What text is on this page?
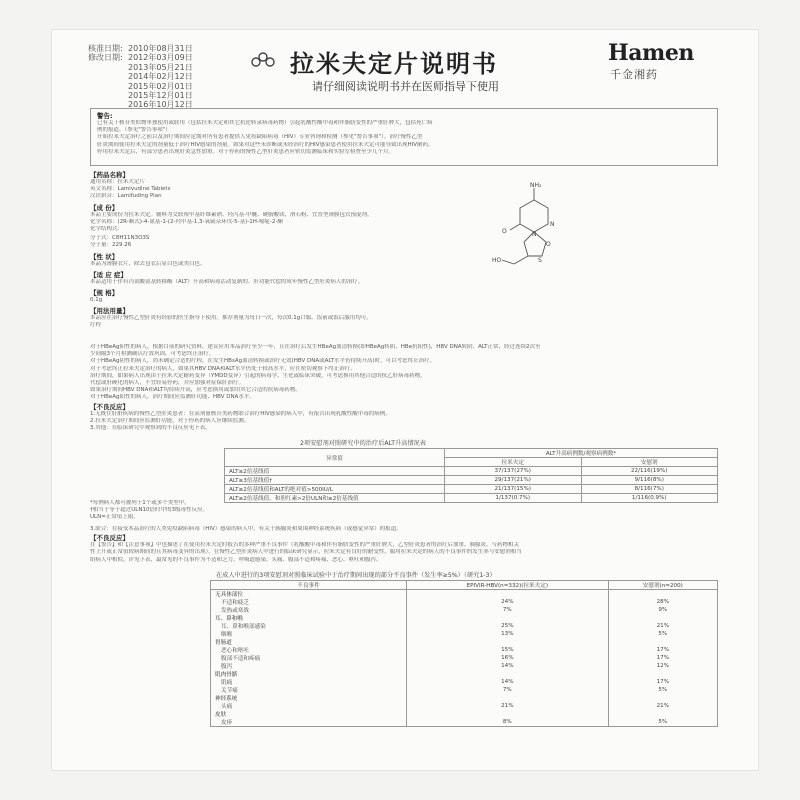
核准日期: 2010年08月31日
修改日期: 2012年03月09日
2013年05月21日
2014年02月12日
2015年02月01日
2015年12月01日
2016年10月12日
拉米夫定片说明书
请仔细阅读说明书并在医师指导下使用
Hamen
千金湘药
警告:
已有关于核苷类似物单独使用或联用（包括拉米夫定和其它抗逆转录病毒药物）引起乳酸性酸中毒和伴脂肪变性的严重肝肿大，包括死亡病
例的报道。（参见"警告事项"）
开始拉米夫定治疗之前以及治疗期间应定期对所有患者提供人免疫缺陷病毒（HIV）专业咨询和检测（参见"警告事项"）。治疗慢性乙型
肝炎期间使用拉米夫定的剂量低于治疗HIV感染的剂量。如果对这些未诊断或未经治疗的HIV感染患者使用拉米夫定可能导致出现HIV耐药。
停用拉米夫定后，有部分患者出现肝炎急性加重。对于停药的慢性乙型肝炎患者应密切监测临床和实验室检查至少几个月。
【药品名称】
通用名称：拉米夫定片
英文名称：Lamivudine Tablets
汉语拼音：Lamifuding Pian
【成 份】
本品主要成份为拉米夫定。辅料为交联羧甲基纤维素钠、羟丙基-甲醚、硬脂酸镁、滑石粉、宜普型薄膜包衣预混剂。
化学名称：(2R-顺式)-4-氨基-1-(2-羟甲基-1,3-氧硫杂环戊-5-基)-1H-嘧啶-2-酮
化学结构式:
分子式：C8H11N3O3S
分子量：229.26
【性 状】
本品为薄膜衣片，除去包衣后显白色或类白色。
【适 应 症】
本品适用于伴有丙氨酸氨基转移酶（ALT）升高和病毒活动复制的、肝功能代偿的成年慢性乙型肝炎病人的治疗。
【规 格】
0.1g
【用法用量】
本品应在治疗慢性乙型肝炎有经验的医生指导下使用。推荐剂量为每日一次，每次0.1g口服。饭前或饭后服用均可。
疗程
NH₂
N
O	N
O
S
HO
对于HBeAg阳性的病人，根据目前的研究资料，建议应用本品治疗至少一年，且在治疗后发生HBeAg血清转换(即HBeAg转阴、HBe抗阳性)，HBV DNA转阴、ALT正常，经过连续2次至
少间隔3个月检测确认疗效巩固，可考虑终止治疗。
对于HBeAg阴性的病人，尚未确定合适的疗程，在发生HBsAg血清转换或治疗无效(HBV DNA或ALT水平仍持续升高)时，可以考虑终止治疗。
对于考虑终止拉米夫定治疗的病人，如果其HBV DNA和ALT水平仍处于较高水平，应在密切观察下终止治疗。
治疗期间，如果病人出现由于拉米夫定耐药变异（YMDD变异）引起的病毒学、生化或临床突破，可考虑换用其他合适的抗乙肝病毒药物，
代偿或肝硬化的病人，不宜轻易停药，并应加强对症保肝治疗。
如果治疗期间HBV DNA和ALT均持续升高，应考虑换用或加用其它合适的抗病毒药物。
对于HBeAg阳性的病人，治疗期间应监测肝功能、HBV DNA水平。
【不良反应】
1.无既往肝脏疾病的慢性乙型肝炎患者：在高剂量核苷类药物联合治疗HIV感染的病人中，有报告出现乳酸性酸中毒的病例。
2.拉米夫定治疗期间应监测肝功能，对于停药的病人应继续监测。
3.其他：在临床研究中观察到的不良反应见下表。
2项安慰剂对照研究中的治疗后ALT升高情况表
异常值	ALT升高病例数/观察病例数*	
	拉米夫定	安慰剂
ALT≥2倍基线值	37/137(27%)	22/116(19%)
ALT≥3倍基线值†	29/137(21%)	9/116(8%)
ALT≥2倍基线值和ALT的绝对值>500IU/L	21/137(15%)	8/116(7%)
ALT≥2倍基线值，和胆红素>2倍ULN和≥2倍基线值	1/137(0.7%)	1/116(0.9%)
*每例病人都可被列于1个或多个类型中。
†相当于等于超过ULN10倍时中的3级毒性反应。
ULN=正常值上限。
3.联合：在接受本品治疗的人类免疫缺陷病毒（HIV）感染的病人中，有关于胰腺炎和周围神经系统疾病（或感觉异常）的报道。
【不良反应】
在【警告】和【注意事项】中也描述了在使用拉米夫定时报告的多种严重不良事件（乳酸酸中毒和伴有脂肪变性的严重肝肿大，乙型肝炎患者的治疗后加重、胰腺炎、与药物相关
性上升或正常值较病期间的且其病毒变异的出现）。在慢性乙型肝炎病人中进行的临床研究显示，拉米夫定有良好的耐受性，服用拉米夫定的病人的不良事件的发生率与安慰剂相当
组病人中相似。评见下表，最常见的不良事件为不适和乏力、呼吸道感染、头痛、腹部不适和疼痛、恶心、呕吐和腹泻。
在成人中进行的3项安慰剂对照临床试验中于治疗期间出现的部分不良事件（发生率≥5%）（研究1-3）
不良事件	EPIVIR-HBV(n=332)(拉米夫定)	安慰剂(n=200)
无具体部位		
不适和疲乏	24%	28%
发热或寒战	7%	9%
耳、鼻和喉		
耳、鼻和喉部感染	25%	21%
咽喉	13%	5%
胃肠道		
恶心和呕吐	15%	17%
腹部不适和疼痛	16%	17%
腹泻	14%	12%
肌肉骨骼		
肌痛	14%	17%
关节痛	7%	5%
神经系统		
头痛	21%	21%
皮肤		
皮疹	8%	5%
